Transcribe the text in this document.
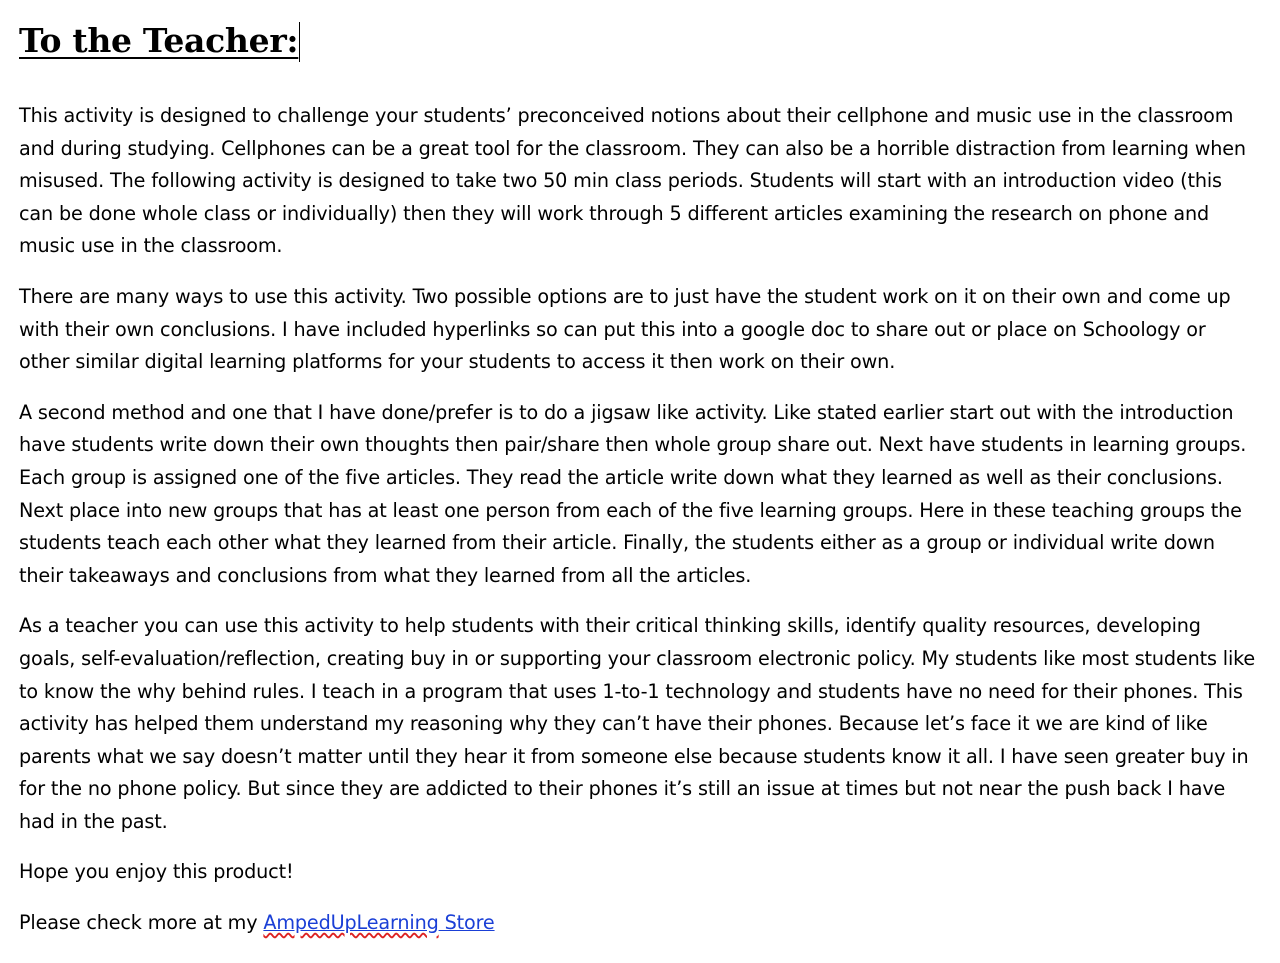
To the Teacher:

This activity is designed to challenge your students’ preconceived notions about their cellphone and music use in the classroom and during studying. Cellphones can be a great tool for the classroom. They can also be a horrible distraction from learning when misused. The following activity is designed to take two 50 min class periods. Students will start with an introduction video (this can be done whole class or individually) then they will work through 5 different articles examining the research on phone and music use in the classroom.

There are many ways to use this activity. Two possible options are to just have the student work on it on their own and come up with their own conclusions. I have included hyperlinks so can put this into a google doc to share out or place on Schoology or other similar digital learning platforms for your students to access it then work on their own.

A second method and one that I have done/prefer is to do a jigsaw like activity. Like stated earlier start out with the introduction have students write down their own thoughts then pair/share then whole group share out. Next have students in learning groups. Each group is assigned one of the five articles. They read the article write down what they learned as well as their conclusions. Next place into new groups that has at least one person from each of the five learning groups. Here in these teaching groups the students teach each other what they learned from their article. Finally, the students either as a group or individual write down their takeaways and conclusions from what they learned from all the articles.

As a teacher you can use this activity to help students with their critical thinking skills, identify quality resources, developing goals, self-evaluation/reflection, creating buy in or supporting your classroom electronic policy. My students like most students like to know the why behind rules. I teach in a program that uses 1-to-1 technology and students have no need for their phones. This activity has helped them understand my reasoning why they can’t have their phones. Because let’s face it we are kind of like parents what we say doesn’t matter until they hear it from someone else because students know it all. I have seen greater buy in for the no phone policy. But since they are addicted to their phones it’s still an issue at times but not near the push back I have had in the past.

Hope you enjoy this product!

Please check more at my AmpedUpLearning Store
